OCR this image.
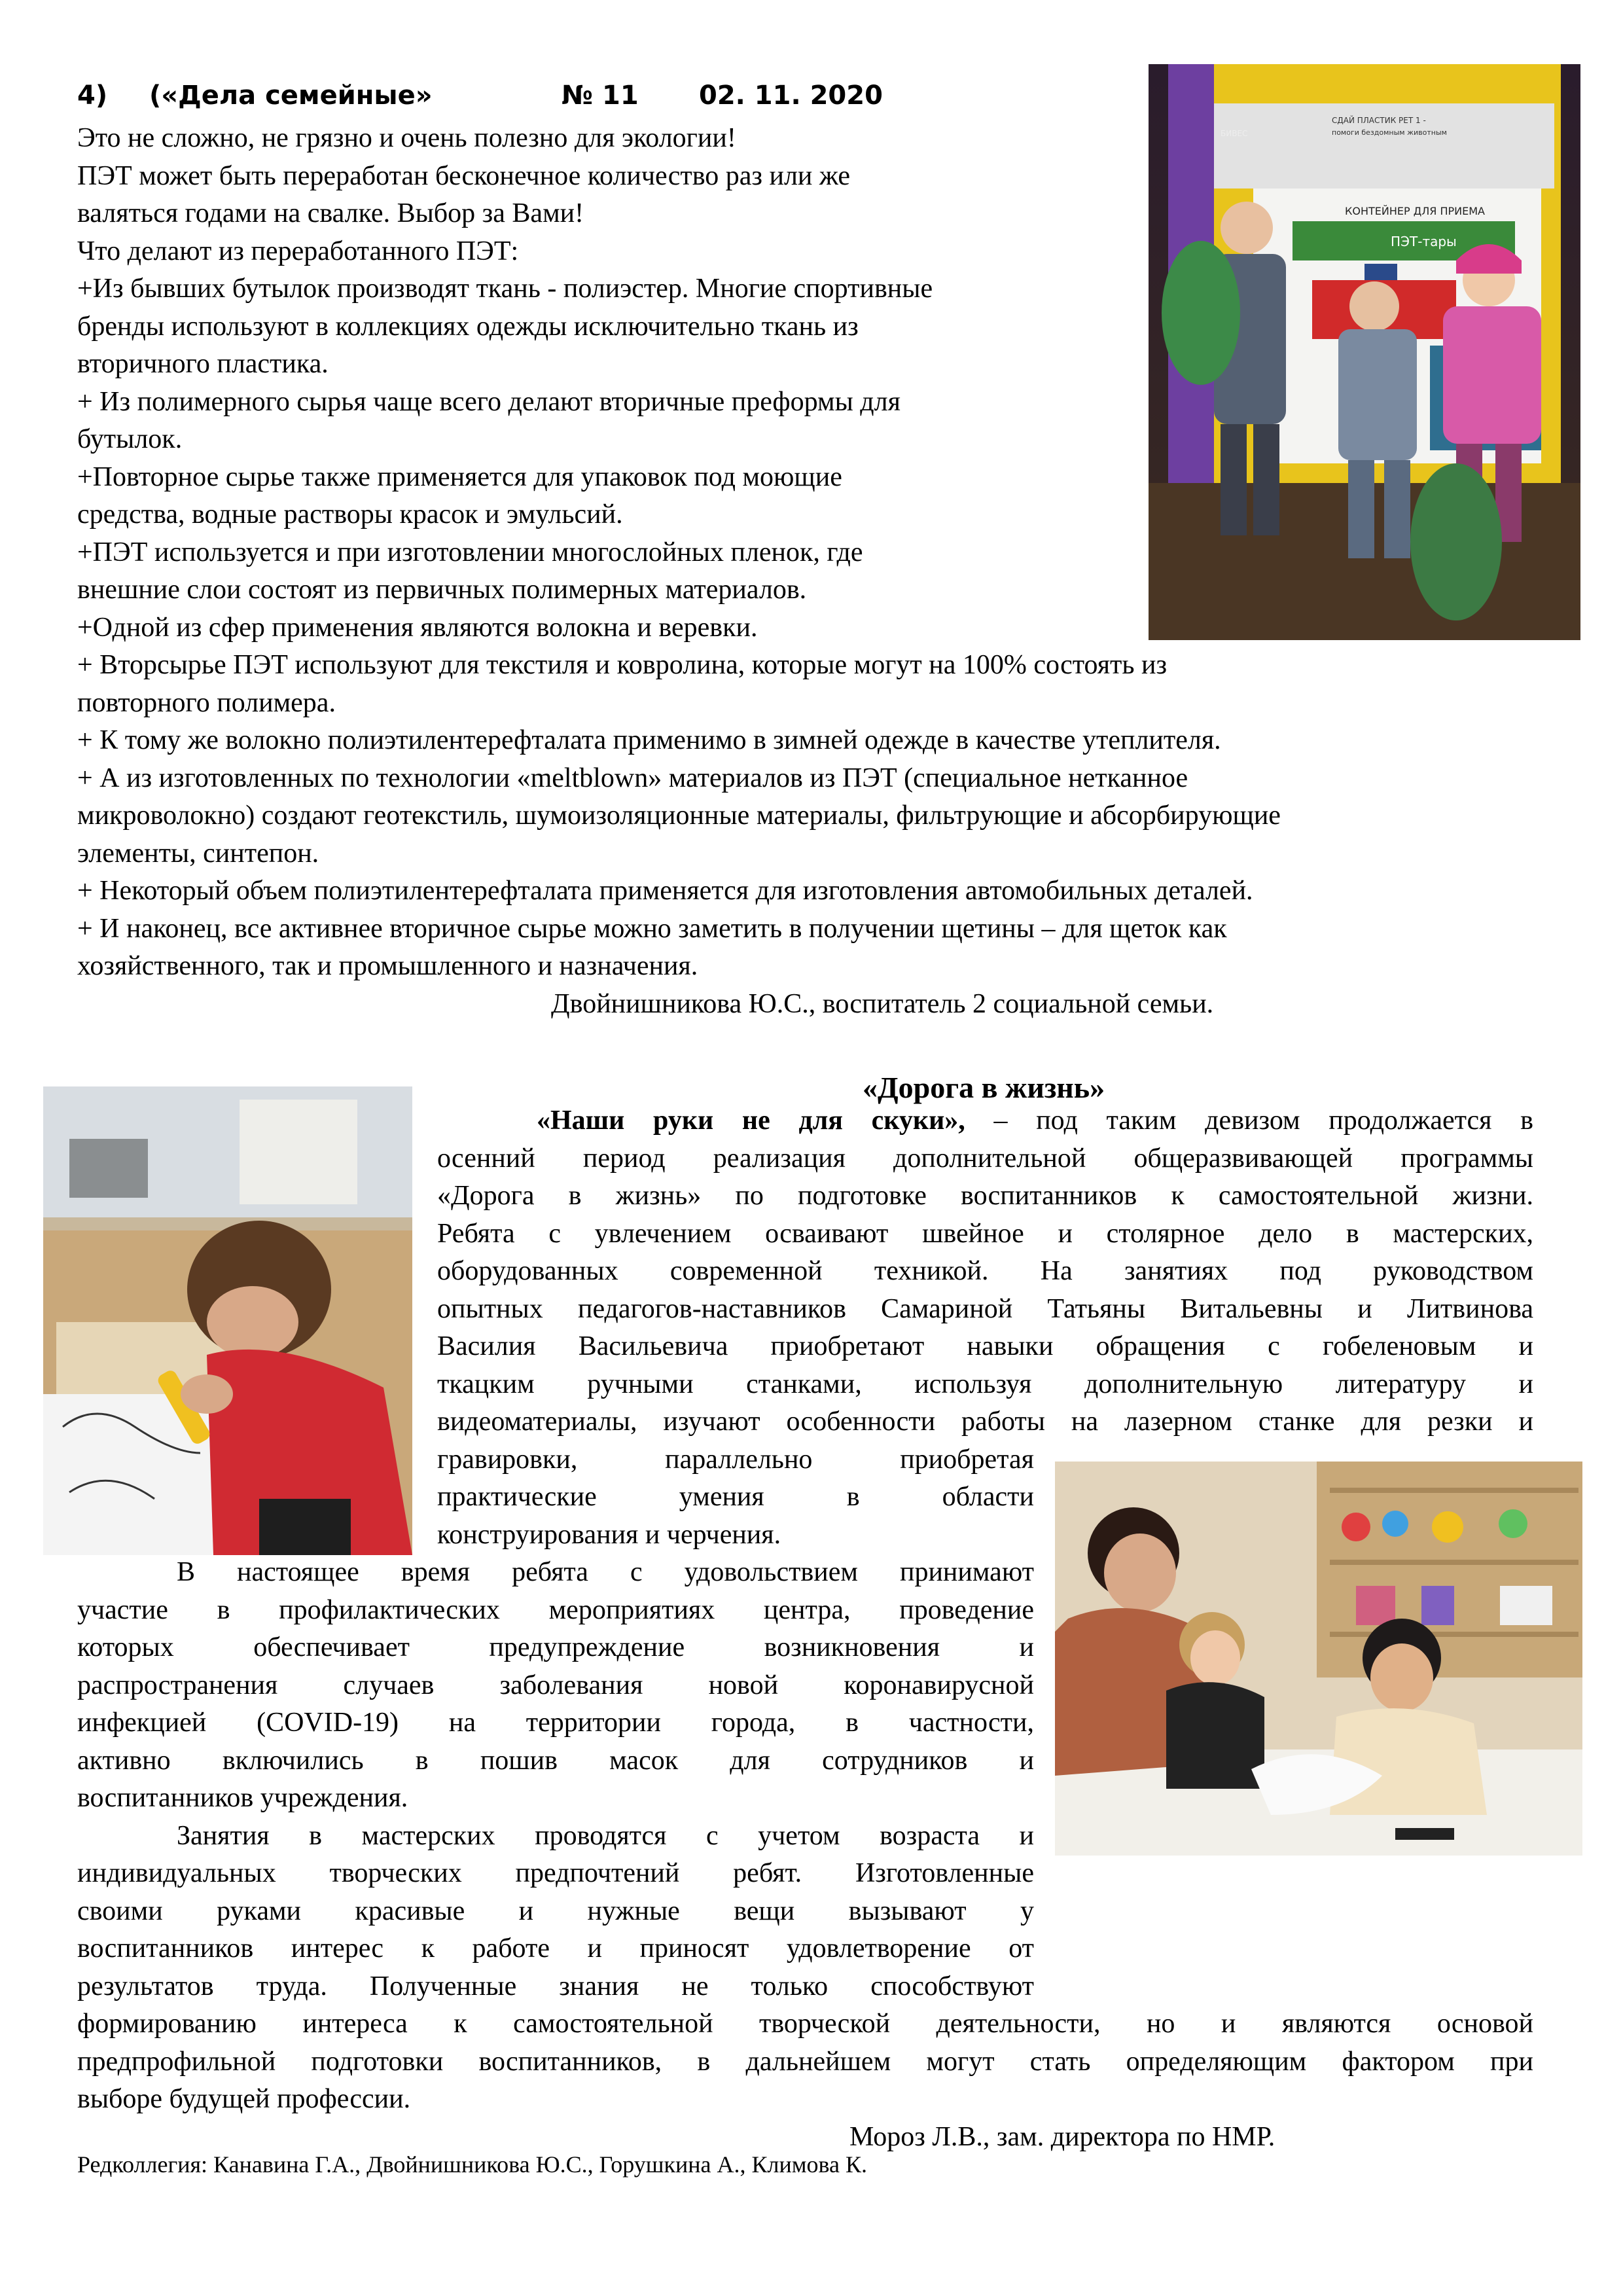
4) («Дела семейные»	№ 11 02. 11. 2020
Это не сложно, не грязно и очень полезно для экологии!
ПЭТ может быть переработан бесконечное количество раз или же
валяться годами на свалке. Выбор за Вами!
Что делают из переработанного ПЭТ:
+Из бывших бутылок производят ткань - полиэстер. Многие спортивные
бренды используют в коллекциях одежды исключительно ткань из
вторичного пластика.
+ Из полимерного сырья чаще всего делают вторичные преформы для
бутылок.
+Повторное сырье также применяется для упаковок под моющие
средства, водные растворы красок и эмульсий.
+ПЭТ используется и при изготовлении многослойных пленок, где
внешние слои состоят из первичных полимерных материалов.
+Одной из сфер применения являются волокна и веревки.
+ Вторсырье ПЭТ используют для текстиля и ковролина, которые могут на 100% состоять из
повторного полимера.
+ К тому же волокно полиэтилентерефталата применимо в зимней одежде в качестве утеплителя.
+ А из изготовленных по технологии «meltblown» материалов из ПЭТ (специальное нетканное
микроволокно) создают геотекстиль, шумоизоляционные материалы, фильтрующие и абсорбирующие
элементы, синтепон.
+ Некоторый объем полиэтилентерефталата применяется для изготовления автомобильных деталей.
+ И наконец, все активнее вторичное сырье можно заметить в получении щетины – для щеток как
хозяйственного, так и промышленного и назначения.
Двойнишникова Ю.С., воспитатель 2 социальной семьи.
КОНТЕЙНЕР ДЛЯ ПРИЕМА
ПЭТ-тары
СДАЙ ПЛАСТИК РЕТ 1 -
помоги бездомным животным
БИВЕС
«Дорога в жизнь»
«Наши руки не для скуки», – под таким девизом продолжается в
осенний период реализация дополнительной общеразвивающей программы
«Дорога в жизнь» по подготовке воспитанников к самостоятельной жизни.
Ребята с увлечением осваивают швейное и столярное дело в мастерских,
оборудованных современной техникой. На занятиях под руководством
опытных педагогов-наставников Самариной Татьяны Витальевны и Литвинова
Василия Васильевича приобретают навыки обращения с гобеленовым и
ткацким ручными станками, используя дополнительную литературу и
видеоматериалы, изучают особенности работы на лазерном станке для резки и
гравировки, параллельно приобретая
практические умения в области
конструирования и черчения.
В настоящее время ребята с удовольствием принимают
участие в профилактических мероприятиях центра, проведение
которых обеспечивает предупреждение возникновения и
распространения случаев заболевания новой коронавирусной
инфекцией (COVID-19) на территории города, в частности,
активно включились в пошив масок для сотрудников и
воспитанников учреждения.
Занятия в мастерских проводятся с учетом возраста и
индивидуальных творческих предпочтений ребят. Изготовленные
своими руками красивые и нужные вещи вызывают у
воспитанников интерес к работе и приносят удовлетворение от
результатов труда. Полученные знания не только способствуют
формированию интереса к самостоятельной творческой деятельности, но и являются основой
предпрофильной подготовки воспитанников, в дальнейшем могут стать определяющим фактором при
выборе будущей профессии.
Мороз Л.В., зам. директора по НМР.
Редколлегия: Канавина Г.А., Двойнишникова Ю.С., Горушкина А., Климова К.
